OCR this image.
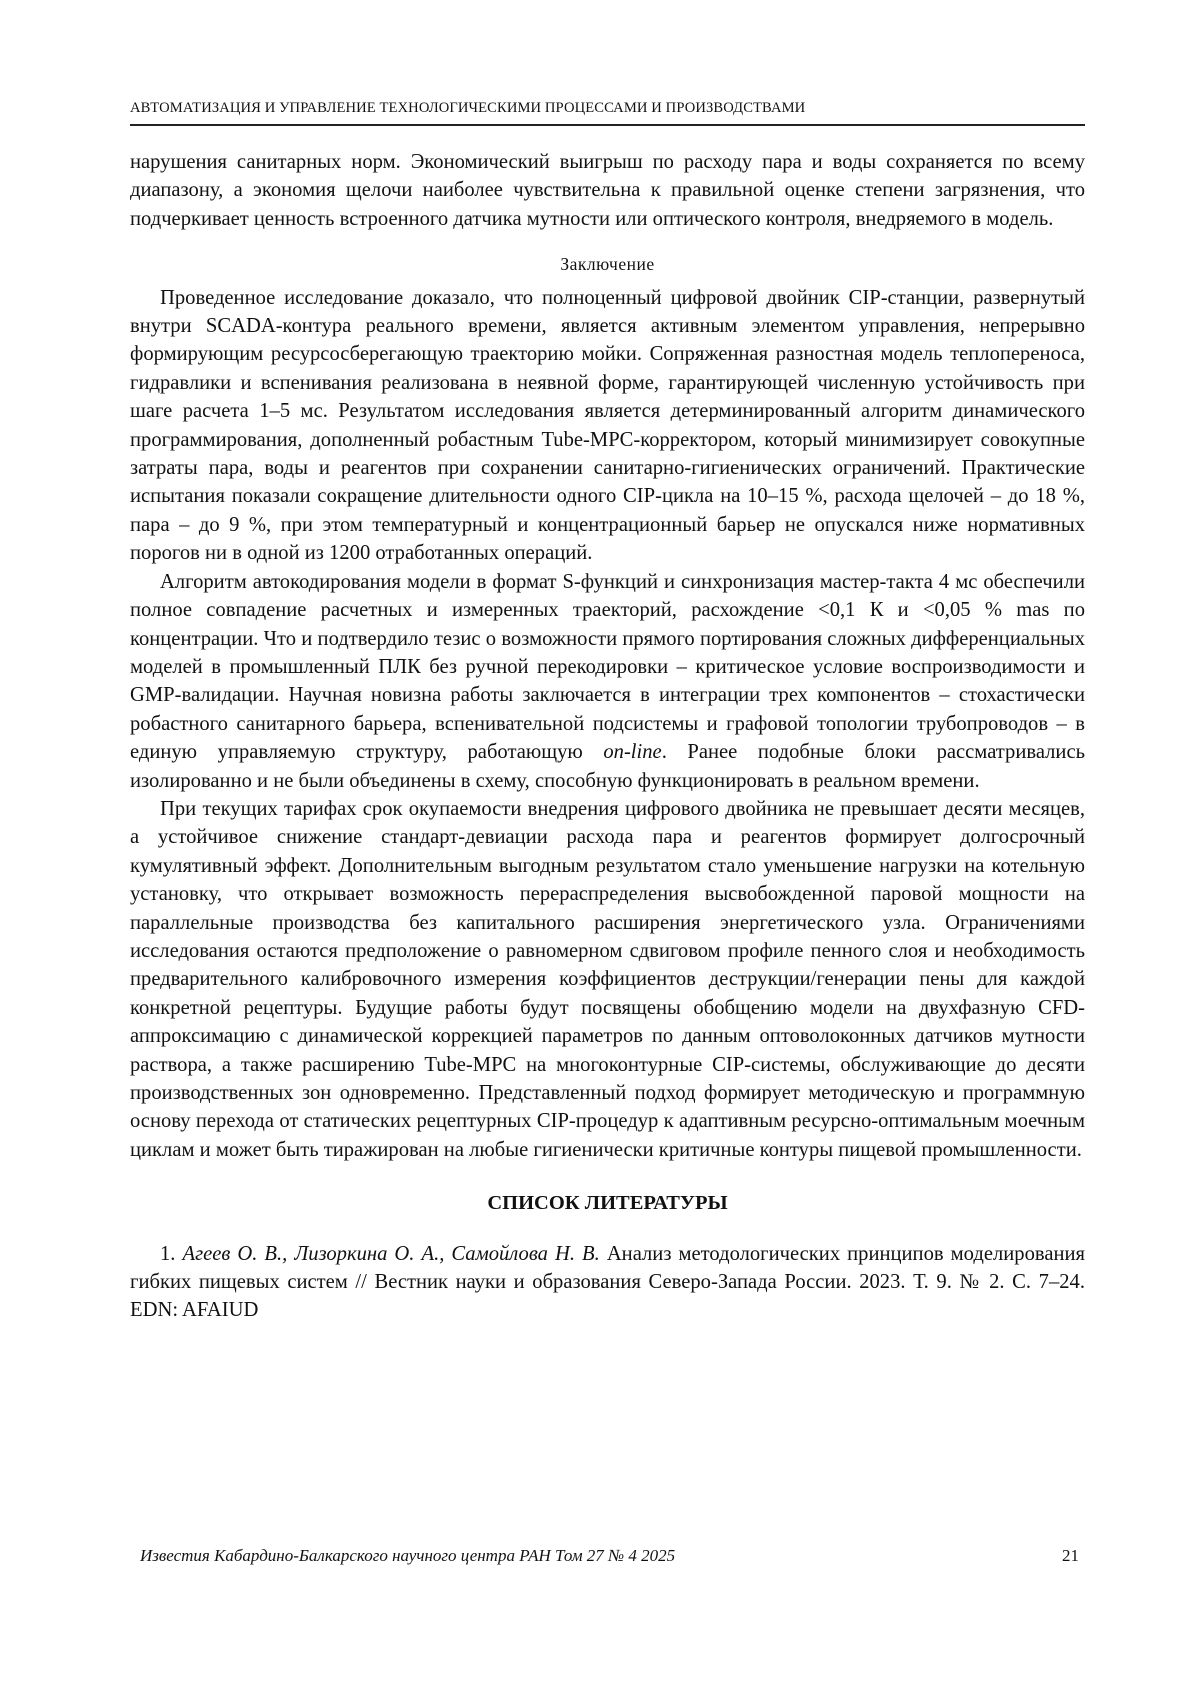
АВТОМАТИЗАЦИЯ И УПРАВЛЕНИЕ ТЕХНОЛОГИЧЕСКИМИ ПРОЦЕССАМИ И ПРОИЗВОДСТВАМИ

нарушения санитарных норм. Экономический выигрыш по расходу пара и воды сохраняется по всему диапазону, а экономия щелочи наиболее чувствительна к правильной оценке степени загрязнения, что подчеркивает ценность встроенного датчика мутности или оптического контроля, внедряемого в модель.

Заключение

Проведенное исследование доказало, что полноценный цифровой двойник CIP-станции, развернутый внутри SCADA-контура реального времени, является активным элементом управления, непрерывно формирующим ресурсосберегающую траекторию мойки. Сопряженная разностная модель теплопереноса, гидравлики и вспенивания реализована в неявной форме, гарантирующей численную устойчивость при шаге расчета 1–5 мс. Результатом исследования является детерминированный алгоритм динамического программирования, дополненный робастным Tube-MPC-корректором, который минимизирует совокупные затраты пара, воды и реагентов при сохранении санитарно-гигиенических ограничений. Практические испытания показали сокращение длительности одного CIP-цикла на 10–15 %, расхода щелочей – до 18 %, пара – до 9 %, при этом температурный и концентрационный барьер не опускался ниже нормативных порогов ни в одной из 1200 отработанных операций.

Алгоритм автокодирования модели в формат S-функций и синхронизация мастер-такта 4 мс обеспечили полное совпадение расчетных и измеренных траекторий, расхождение <0,1 К и <0,05 % mas по концентрации. Что и подтвердило тезис о возможности прямого портирования сложных дифференциальных моделей в промышленный ПЛК без ручной перекодировки – критическое условие воспроизводимости и GMP-валидации. Научная новизна работы заключается в интеграции трех компонентов – стохастически робастного санитарного барьера, вспенивательной подсистемы и графовой топологии трубопроводов – в единую управляемую структуру, работающую on-line. Ранее подобные блоки рассматривались изолированно и не были объединены в схему, способную функционировать в реальном времени.

При текущих тарифах срок окупаемости внедрения цифрового двойника не превышает десяти месяцев, а устойчивое снижение стандарт-девиации расхода пара и реагентов формирует долгосрочный кумулятивный эффект. Дополнительным выгодным результатом стало уменьшение нагрузки на котельную установку, что открывает возможность перераспределения высвобожденной паровой мощности на параллельные производства без капитального расширения энергетического узла. Ограничениями исследования остаются предположение о равномерном сдвиговом профиле пенного слоя и необходимость предварительного калибровочного измерения коэффициентов деструкции/генерации пены для каждой конкретной рецептуры. Будущие работы будут посвящены обобщению модели на двухфазную CFD-аппроксимацию с динамической коррекцией параметров по данным оптоволоконных датчиков мутности раствора, а также расширению Tube-MPC на многоконтурные CIP-системы, обслуживающие до десяти производственных зон одновременно. Представленный подход формирует методическую и программную основу перехода от статических рецептурных CIP-процедур к адаптивным ресурсно-оптимальным моечным циклам и может быть тиражирован на любые гигиенически критичные контуры пищевой промышленности.

СПИСОК ЛИТЕРАТУРЫ

1. Агеев О. В., Лизоркина О. А., Самойлова Н. В. Анализ методологических принципов моделирования гибких пищевых систем // Вестник науки и образования Северо-Запада России. 2023. Т. 9. № 2. С. 7–24. EDN: AFAIUD

Известия Кабардино-Балкарского научного центра РАН Том 27 № 4 2025	21
